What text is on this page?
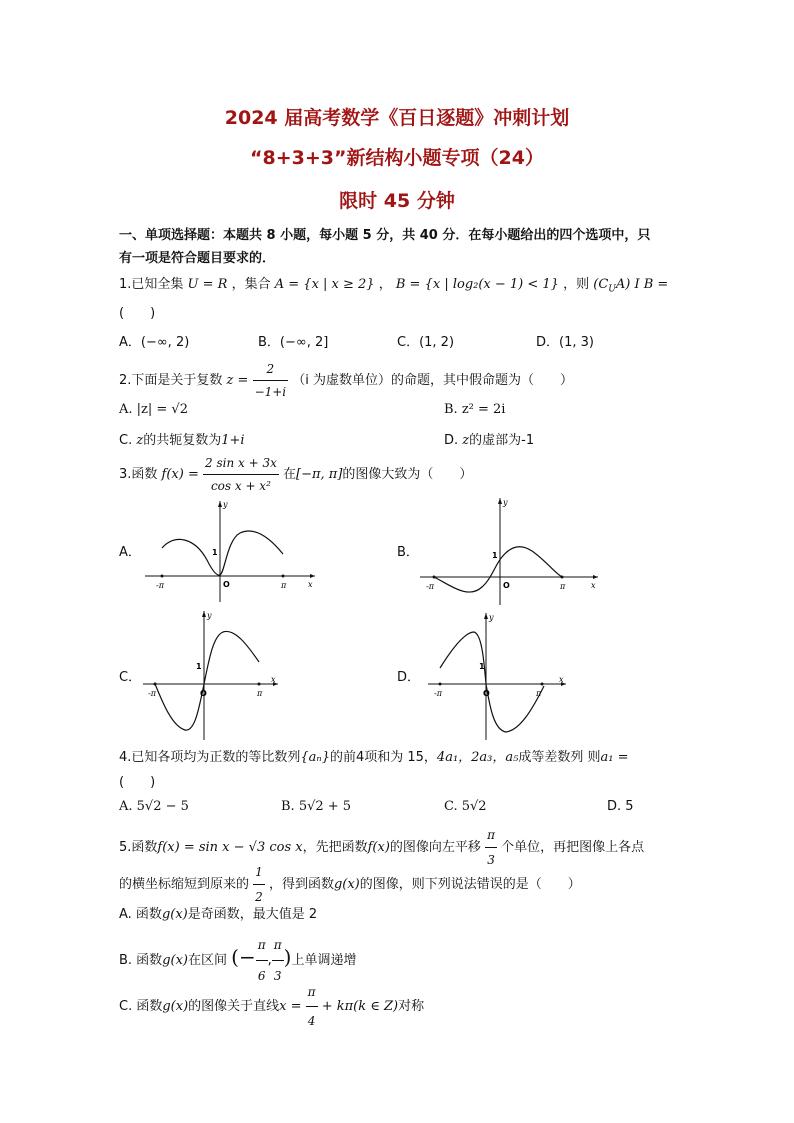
2024 届高考数学《百日逐题》冲刺计划
“8+3+3”新结构小题专项（24）
限时 45 分钟
一、单项选择题：本题共 8 小题，每小题 5 分，共 40 分．在每小题给出的四个选项中，只
有一项是符合题目要求的．
1.已知全集 U = R ，集合 A = {x | x ≥ 2} ， B = {x | log₂(x − 1) < 1} ，则 $(C_UA)$ I B =
(　　)
A．(−∞, 2)	B．(−∞, 2]	C．(1, 2)	D．(1, 3)
2.下面是关于复数 $z = \frac{2}{-1+i} (i$ 为虚数单位）的命题，其中假命题为（　　）
A. |z| = √2	B. z² = 2i
C. z的共轭复数为1+i	D. z的虚部为-1
3.函数 $f(x) = \frac{\text{2 sin x + 3x}}{\text{cos x + x²}}$ 在[−π, π]的图像大致为（　　）
A．	B．
C．	D．
y
x
O
1
π
-π
y
x
O
1
π
-π
y
x
O
1
π
-π
y
x
O
1
π
-π
4.已知各项均为正数的等比数列{aₙ}的前4项和为 15，4a₁，2a₃，a₅成等差数列 则a₁ =
(　　)
A. 5√2 − 5	B. 5√2 + 5	C. 5√2	D. 5
5.函数f(x) = sin x − √3 cos x，先把函数f(x)的图像向左平移 $\frac{\pi}{3}$ 个单位，再把图像上各点
的横坐标缩短到原来的 $\frac{1}{2}$ ，得到函数g(x)的图像，则下列说法错误的是（　　）
A. 函数g(x)是奇函数，最大值是 2
B. 函数g(x)在区间 (− $\frac{\pi}{6}$ , $\frac{\pi}{3}$ )上单调递增
C. 函数g(x)的图像关于直线$x = \frac{\pi}{4} + k\pi(k$ ∈ Z)对称
